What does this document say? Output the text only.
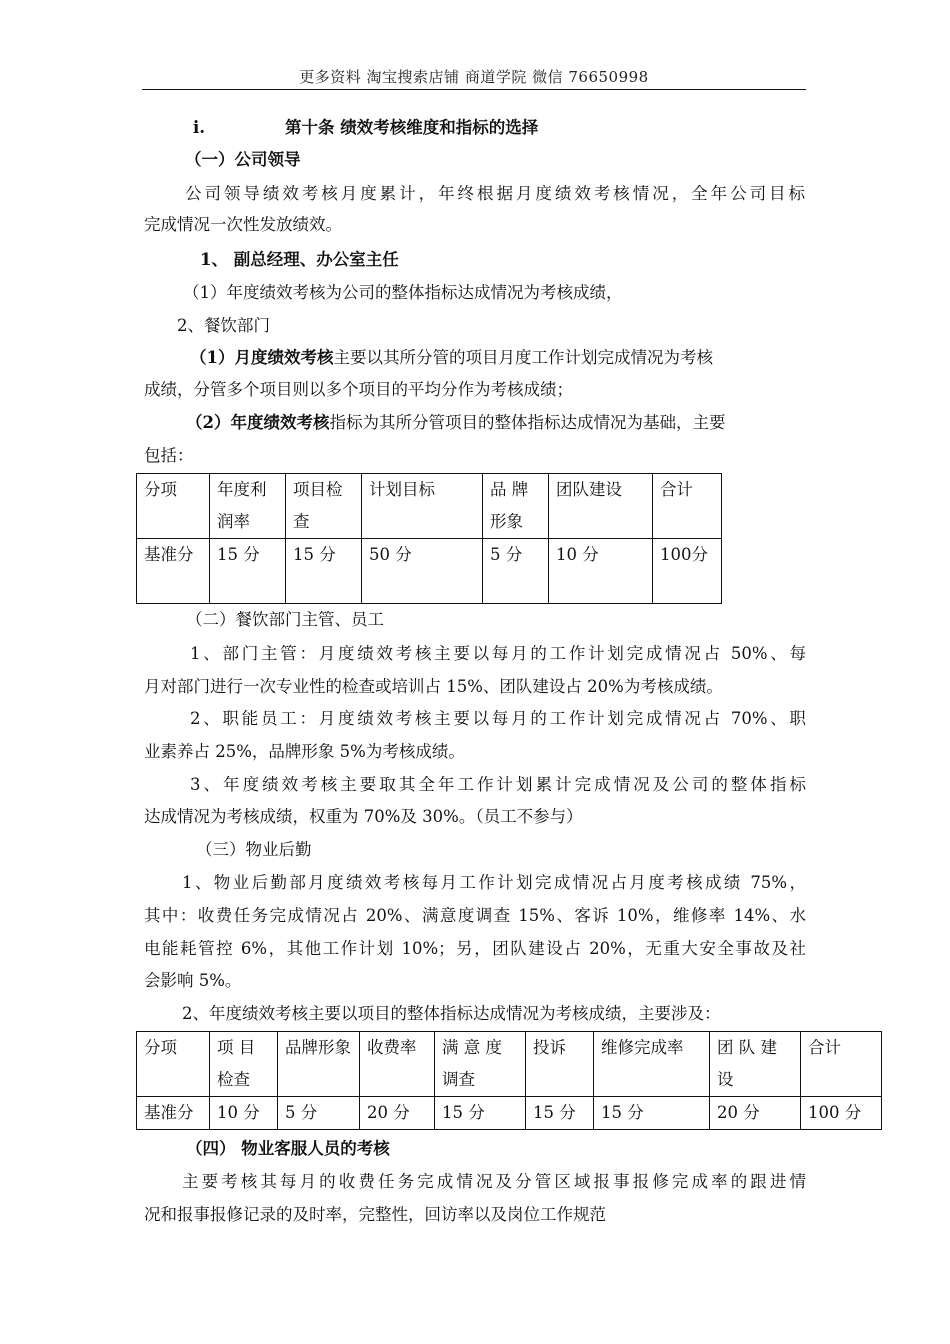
更多资料 淘宝搜索店铺 商道学院 微信 76650998
i.	第十条 绩效考核维度和指标的选择
（一）公司领导
公司领导绩效考核月度累计，年终根据月度绩效考核情况，全年公司目标
完成情况一次性发放绩效。
1、 副总经理、办公室主任
（1）年度绩效考核为公司的整体指标达成情况为考核成绩，
2、餐饮部门
（1）月度绩效考核主要以其所分管的项目月度工作计划完成情况为考核
成绩，分管多个项目则以多个项目的平均分作为考核成绩；
（2）年度绩效考核指标为其所分管项目的整体指标达成情况为基础，主要
包括：
分项	年度利润率	项目检查	计划目标	品 牌形象	团队建设	合计
基准分	15 分	15 分	50 分	5 分	10 分	100分
（二）餐饮部门主管、员工
1、部门主管：月度绩效考核主要以每月的工作计划完成情况占 50%、每
月对部门进行一次专业性的检查或培训占 15%、团队建设占 20%为考核成绩。
2、职能员工：月度绩效考核主要以每月的工作计划完成情况占 70%、职
业素养占 25%，品牌形象 5%为考核成绩。
3、年度绩效考核主要取其全年工作计划累计完成情况及公司的整体指标
达成情况为考核成绩，权重为 70%及 30%。（员工不参与）
（三）物业后勤
1、物业后勤部月度绩效考核每月工作计划完成情况占月度考核成绩 75%，
其中：收费任务完成情况占 20%、满意度调查 15%、客诉 10%，维修率 14%、水
电能耗管控 6%，其他工作计划 10%；另，团队建设占 20%，无重大安全事故及社
会影响 5%。
2、年度绩效考核主要以项目的整体指标达成情况为考核成绩，主要涉及：
分项	项 目检查	品牌形象	收费率	满 意 度调查	投诉	维修完成率	团 队 建设	合计
基准分	10 分	5 分	20 分	15 分	15 分	15 分	20 分	100 分
（四） 物业客服人员的考核
主要考核其每月的收费任务完成情况及分管区域报事报修完成率的跟进情
况和报事报修记录的及时率，完整性，回访率以及岗位工作规范
